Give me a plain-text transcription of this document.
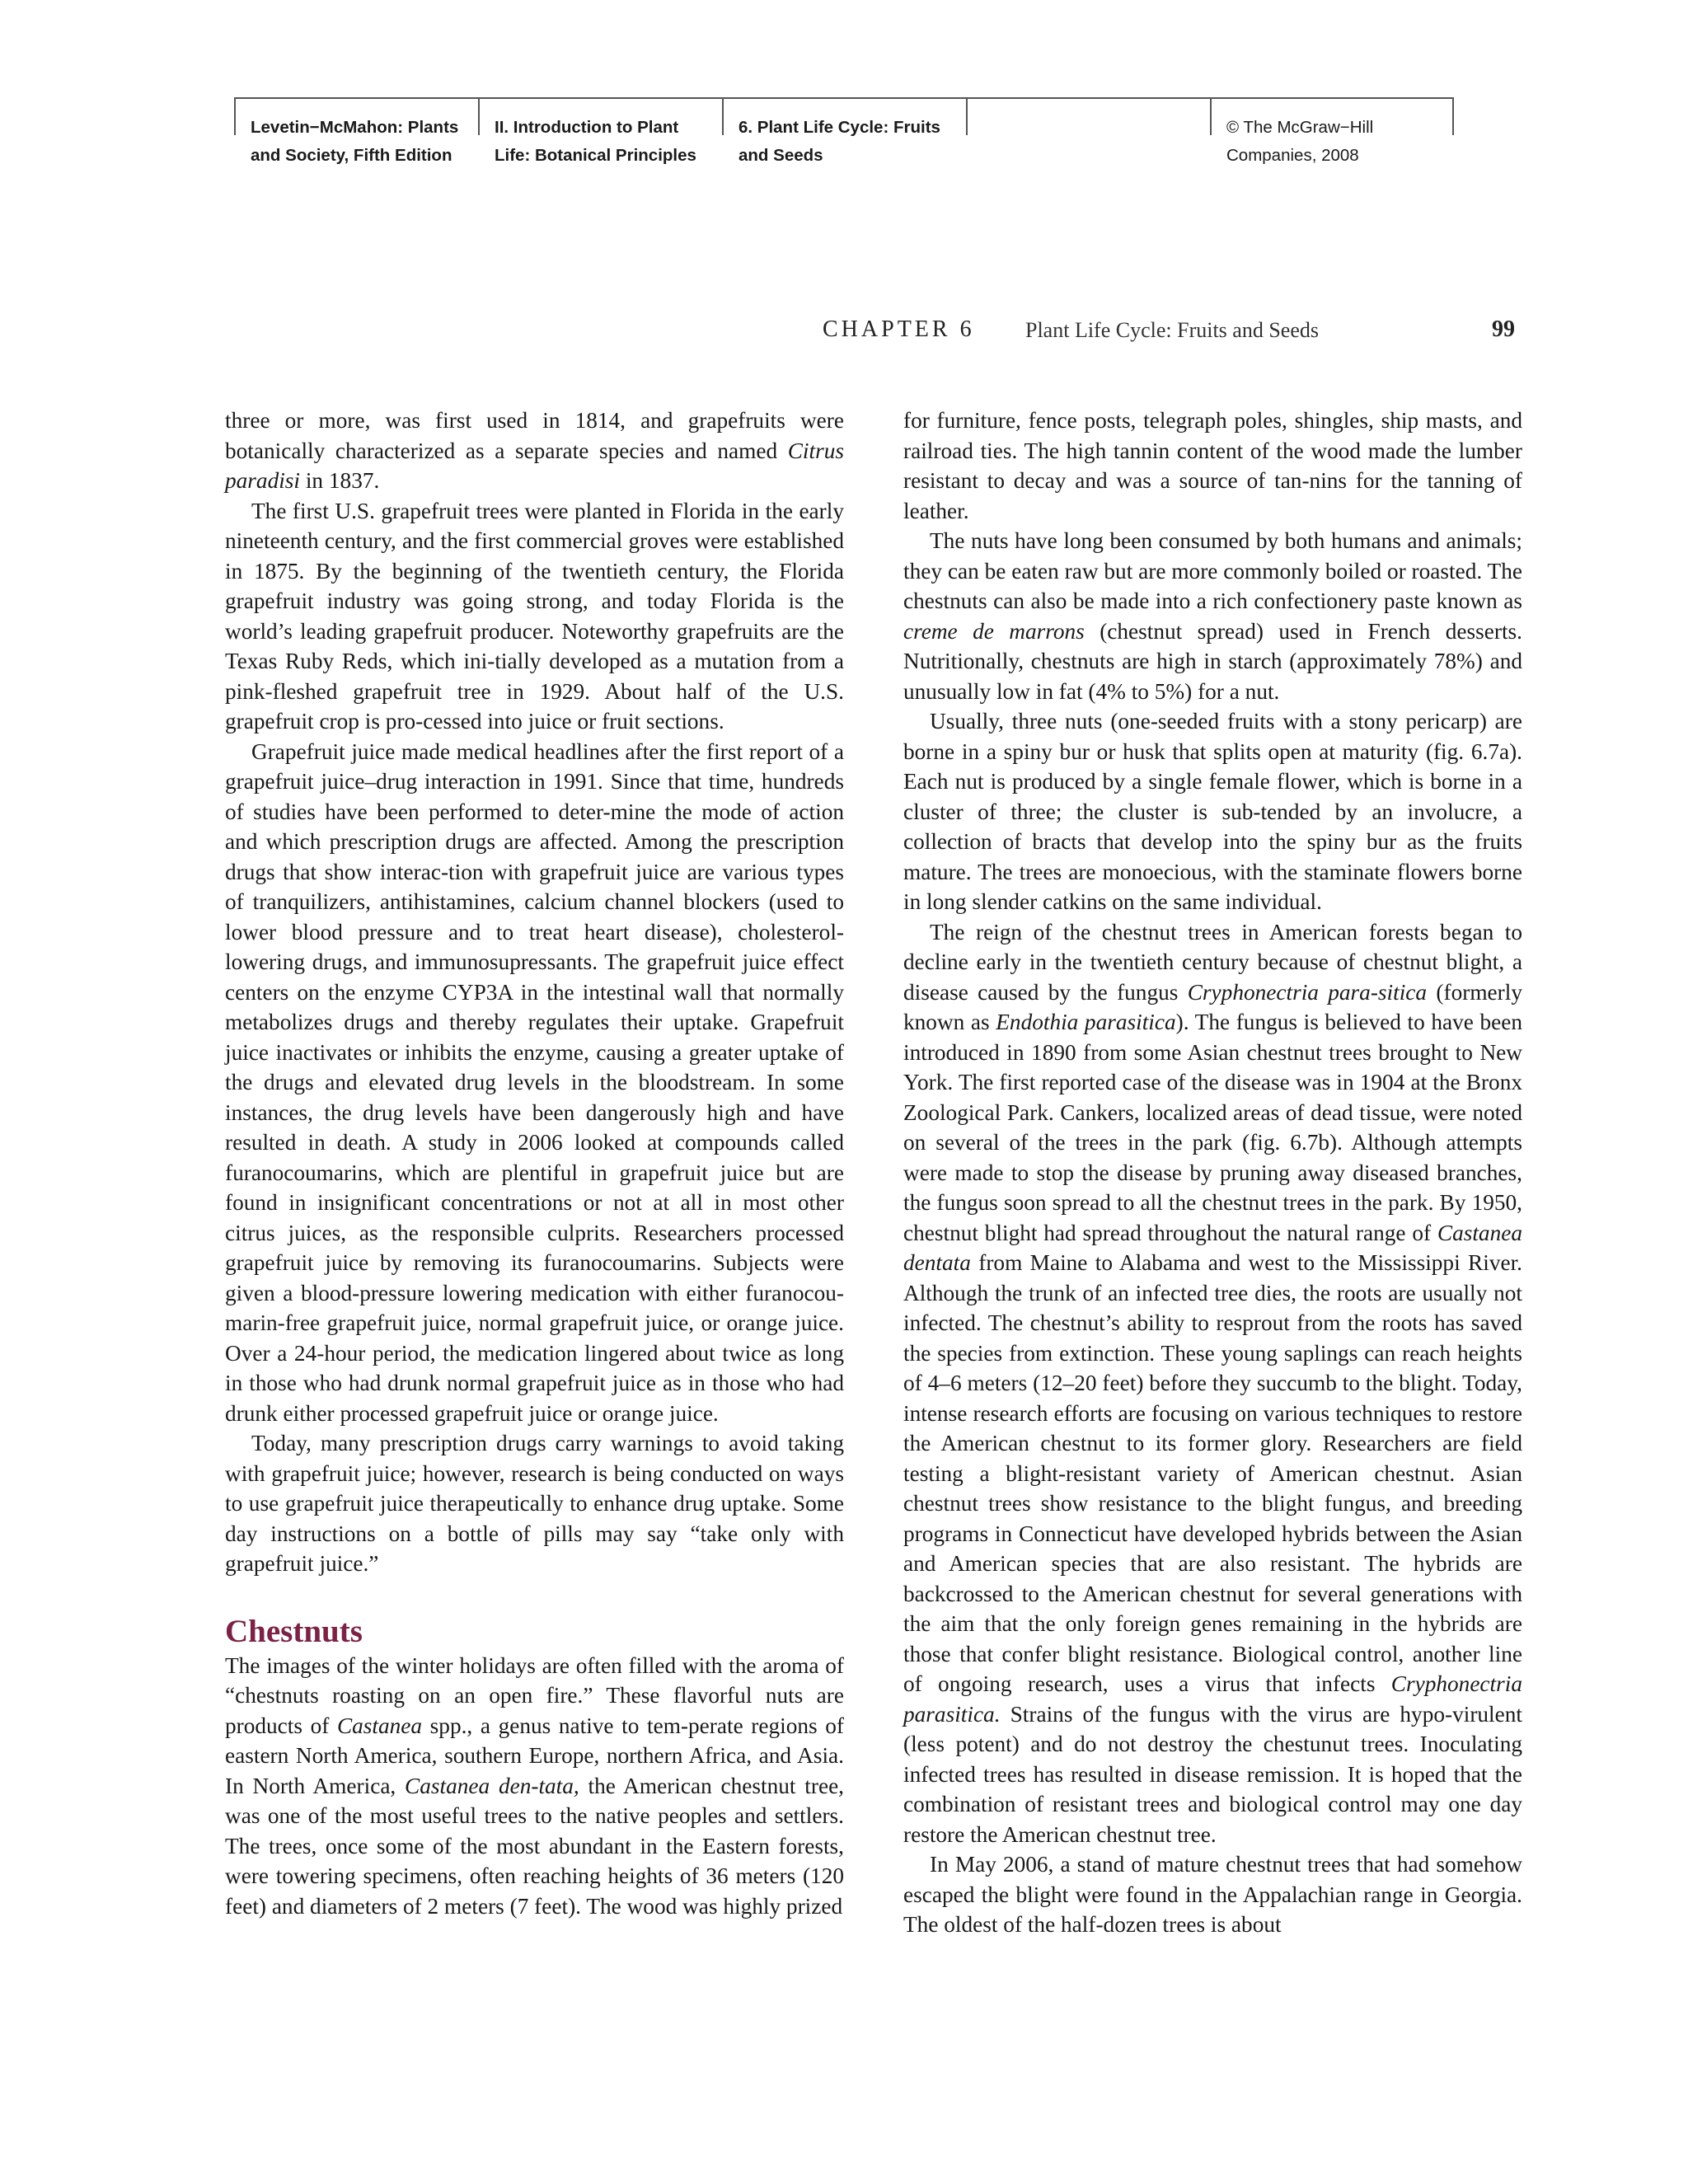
Levetin−McMahon: Plants
and Society, Fifth Edition
II. Introduction to Plant
Life: Botanical Principles
6. Plant Life Cycle: Fruits
and Seeds
© The McGraw−Hill
Companies, 2008
CHAPTER 6 Plant Life Cycle: Fruits and Seeds	99

three or more, was first used in 1814, and grapefruits were botanically characterized as a separate species and named Citrus paradisi in 1837.

The first U.S. grapefruit trees were planted in Florida in the early nineteenth century, and the first commercial groves were established in 1875. By the beginning of the twentieth century, the Florida grapefruit industry was going strong, and today Florida is the world’s leading grapefruit producer. Noteworthy grapefruits are the Texas Ruby Reds, which ini-tially developed as a mutation from a pink-fleshed grapefruit tree in 1929. About half of the U.S. grapefruit crop is pro-cessed into juice or fruit sections.

Grapefruit juice made medical headlines after the first report of a grapefruit juice–drug interaction in 1991. Since that time, hundreds of studies have been performed to deter-mine the mode of action and which prescription drugs are affected. Among the prescription drugs that show interac-tion with grapefruit juice are various types of tranquilizers, antihistamines, calcium channel blockers (used to lower blood pressure and to treat heart disease), cholesterol-lowering drugs, and immunosupressants. The grapefruit juice effect centers on the enzyme CYP3A in the intestinal wall that normally metabolizes drugs and thereby regulates their uptake. Grapefruit juice inactivates or inhibits the enzyme, causing a greater uptake of the drugs and elevated drug levels in the bloodstream. In some instances, the drug levels have been dangerously high and have resulted in death. A study in 2006 looked at compounds called furanocoumarins, which are plentiful in grapefruit juice but are found in insignificant concentrations or not at all in most other citrus juices, as the responsible culprits. Researchers processed grapefruit juice by removing its furanocoumarins. Subjects were given a blood-pressure lowering medication with either furanocou-marin-free grapefruit juice, normal grapefruit juice, or orange juice. Over a 24-hour period, the medication lingered about twice as long in those who had drunk normal grapefruit juice as in those who had drunk either processed grapefruit juice or orange juice.

Today, many prescription drugs carry warnings to avoid taking with grapefruit juice; however, research is being conducted on ways to use grapefruit juice therapeutically to enhance drug uptake. Some day instructions on a bottle of pills may say “take only with grapefruit juice.”

Chestnuts

The images of the winter holidays are often filled with the aroma of “chestnuts roasting on an open fire.” These flavorful nuts are products of Castanea spp., a genus native to tem-perate regions of eastern North America, southern Europe, northern Africa, and Asia. In North America, Castanea den-tata, the American chestnut tree, was one of the most useful trees to the native peoples and settlers. The trees, once some of the most abundant in the Eastern forests, were towering specimens, often reaching heights of 36 meters (120 feet) and diameters of 2 meters (7 feet). The wood was highly prized

for furniture, fence posts, telegraph poles, shingles, ship masts, and railroad ties. The high tannin content of the wood made the lumber resistant to decay and was a source of tan-nins for the tanning of leather.

The nuts have long been consumed by both humans and animals; they can be eaten raw but are more commonly boiled or roasted. The chestnuts can also be made into a rich confectionery paste known as creme de marrons (chestnut spread) used in French desserts. Nutritionally, chestnuts are high in starch (approximately 78%) and unusually low in fat (4% to 5%) for a nut.

Usually, three nuts (one-seeded fruits with a stony pericarp) are borne in a spiny bur or husk that splits open at maturity (fig. 6.7a). Each nut is produced by a single female flower, which is borne in a cluster of three; the cluster is sub-tended by an involucre, a collection of bracts that develop into the spiny bur as the fruits mature. The trees are monoecious, with the staminate flowers borne in long slender catkins on the same individual.

The reign of the chestnut trees in American forests began to decline early in the twentieth century because of chestnut blight, a disease caused by the fungus Cryphonectria para-sitica (formerly known as Endothia parasitica). The fungus is believed to have been introduced in 1890 from some Asian chestnut trees brought to New York. The first reported case of the disease was in 1904 at the Bronx Zoological Park. Cankers, localized areas of dead tissue, were noted on several of the trees in the park (fig. 6.7b). Although attempts were made to stop the disease by pruning away diseased branches, the fungus soon spread to all the chestnut trees in the park. By 1950, chestnut blight had spread throughout the natural range of Castanea dentata from Maine to Alabama and west to the Mississippi River. Although the trunk of an infected tree dies, the roots are usually not infected. The chestnut’s ability to resprout from the roots has saved the species from extinction. These young saplings can reach heights of 4–6 meters (12–20 feet) before they succumb to the blight. Today, intense research efforts are focusing on various techniques to restore the American chestnut to its former glory. Researchers are field testing a blight-resistant variety of American chestnut. Asian chestnut trees show resistance to the blight fungus, and breeding programs in Connecticut have developed hybrids between the Asian and American species that are also resistant. The hybrids are backcrossed to the American chestnut for several generations with the aim that the only foreign genes remaining in the hybrids are those that confer blight resistance. Biological control, another line of ongoing research, uses a virus that infects Cryphonectria parasitica. Strains of the fungus with the virus are hypo-virulent (less potent) and do not destroy the chestunut trees. Inoculating infected trees has resulted in disease remission. It is hoped that the combination of resistant trees and biological control may one day restore the American chestnut tree.

In May 2006, a stand of mature chestnut trees that had somehow escaped the blight were found in the Appalachian range in Georgia. The oldest of the half-dozen trees is about
